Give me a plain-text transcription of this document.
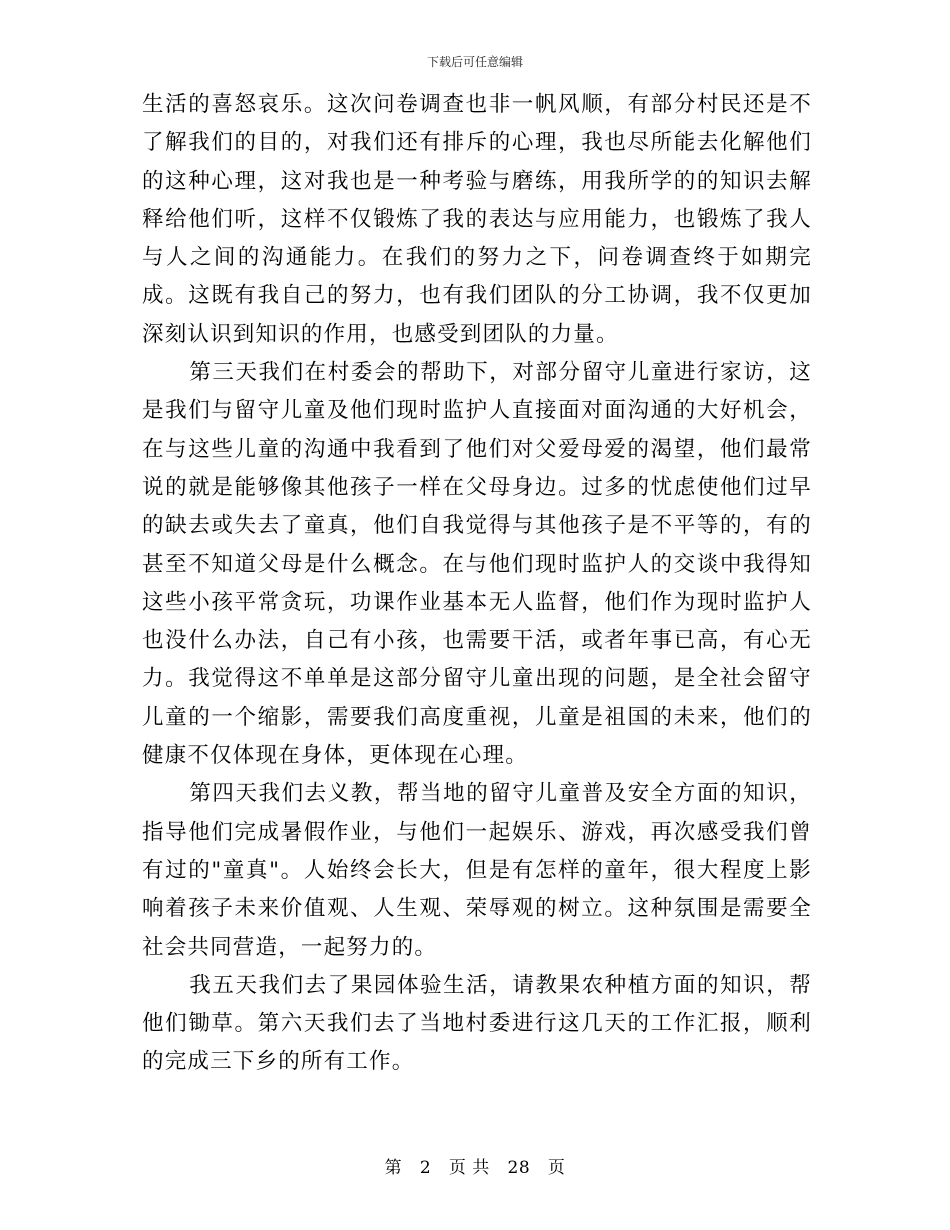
下载后可任意编辑

生活的喜怒哀乐。这次问卷调查也非一帆风顺，有部分村民还是不了解我们的目的，对我们还有排斥的心理，我也尽所能去化解他们的这种心理，这对我也是一种考验与磨练，用我所学的的知识去解释给他们听，这样不仅锻炼了我的表达与应用能力，也锻炼了我人与人之间的沟通能力。在我们的努力之下，问卷调查终于如期完成。这既有我自己的努力，也有我们团队的分工协调，我不仅更加深刻认识到知识的作用，也感受到团队的力量。

第三天我们在村委会的帮助下，对部分留守儿童进行家访，这是我们与留守儿童及他们现时监护人直接面对面沟通的大好机会，在与这些儿童的沟通中我看到了他们对父爱母爱的渴望，他们最常说的就是能够像其他孩子一样在父母身边。过多的忧虑使他们过早的缺去或失去了童真，他们自我觉得与其他孩子是不平等的，有的甚至不知道父母是什么概念。在与他们现时监护人的交谈中我得知这些小孩平常贪玩，功课作业基本无人监督，他们作为现时监护人也没什么办法，自己有小孩，也需要干活，或者年事已高，有心无力。我觉得这不单单是这部分留守儿童出现的问题，是全社会留守儿童的一个缩影，需要我们高度重视，儿童是祖国的未来，他们的健康不仅体现在身体，更体现在心理。

第四天我们去义教，帮当地的留守儿童普及安全方面的知识，指导他们完成暑假作业，与他们一起娱乐、游戏，再次感受我们曾有过的"童真"。人始终会长大，但是有怎样的童年，很大程度上影响着孩子未来价值观、人生观、荣辱观的树立。这种氛围是需要全社会共同营造，一起努力的。

我五天我们去了果园体验生活，请教果农种植方面的知识，帮他们锄草。第六天我们去了当地村委进行这几天的工作汇报，顺利的完成三下乡的所有工作。

第 2 页 共 28 页
